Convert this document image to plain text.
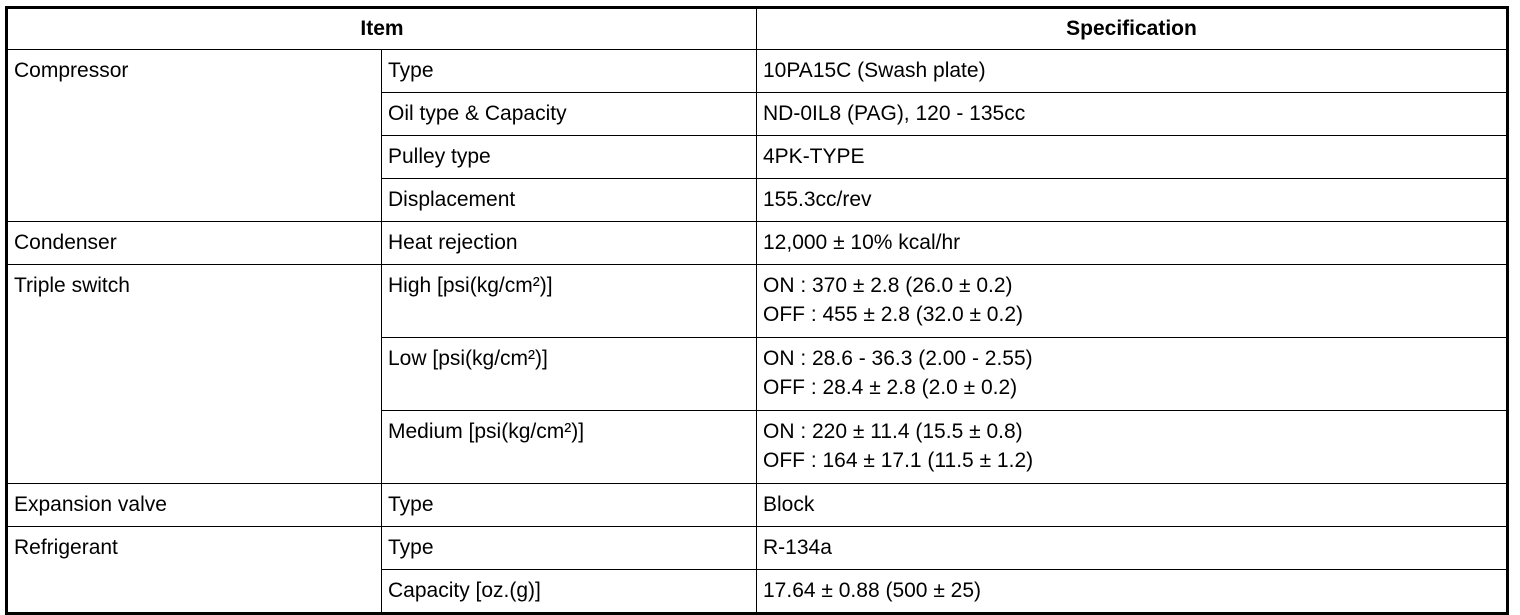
Item		Specification
Compressor	Type	10PA15C (Swash plate)
	Oil type & Capacity	ND-0IL8 (PAG), 120 - 135cc
	Pulley type	4PK-TYPE
	Displacement	155.3cc/rev
Condenser	Heat rejection	12,000 ± 10% kcal/hr
Triple switch	High [psi(kg/cm²)]	ON : 370 ± 2.8 (26.0 ± 0.2)
OFF : 455 ± 2.8 (32.0 ± 0.2)

	Low [psi(kg/cm²)]	ON : 28.6 - 36.3 (2.00 - 2.55)
OFF : 28.4 ± 2.8 (2.0 ± 0.2)

	Medium [psi(kg/cm²)]	ON : 220 ± 11.4 (15.5 ± 0.8)
OFF : 164 ± 17.1 (11.5 ± 1.2)

Expansion valve	Type	Block
Refrigerant	Type	R-134a
	Capacity [oz.(g)]	17.64 ± 0.88 (500 ± 25)
